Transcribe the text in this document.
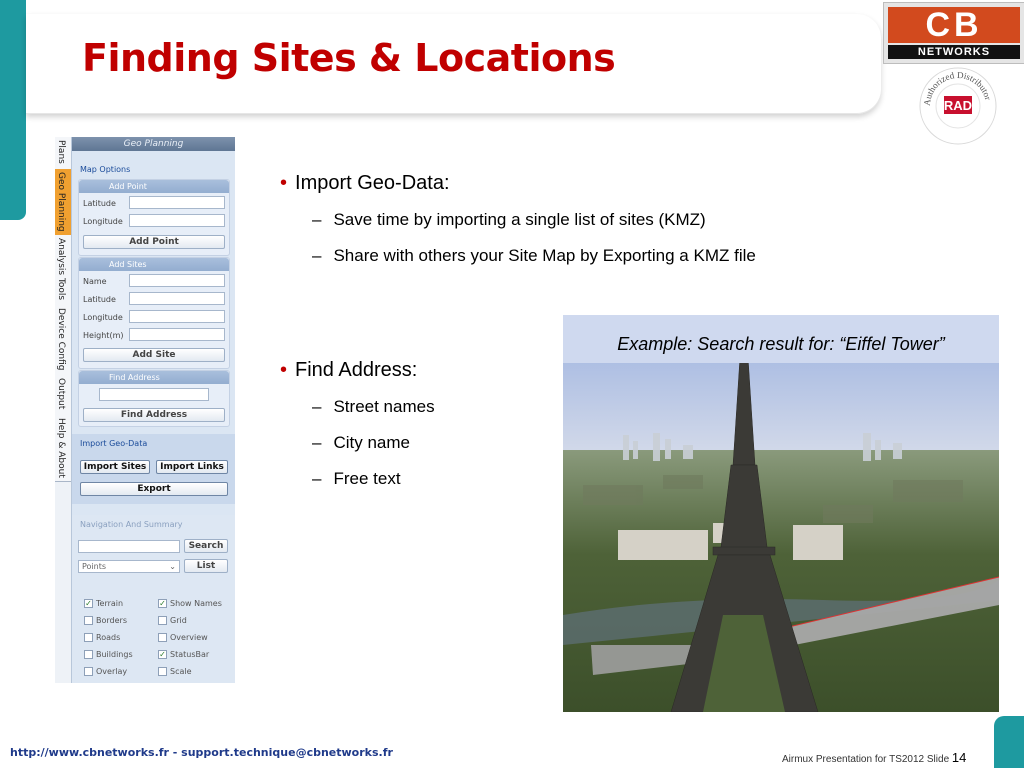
Finding Sites & Locations
CB
NETWORKS
Authorized Distributor
RAD
Plans
Geo Planning
Analysis Tools
Device Config
Output
Help & About
Geo Planning
Map Options
Add Point
Latitude
Longitude
Add Point
Add Sites
Name
Latitude
Longitude
Height(m)
Add Site
Find Address
Find Address
Import Geo-Data
Import Sites	Import Links
Export
Navigation And Summary
Search
Points	⌄	List
✓ Terrain	✓ Show Names
Borders	Grid
Roads	Overview
Buildings	✓ StatusBar
Overlay	Scale
• Import Geo-Data:
– Save time by importing a single list of sites (KMZ)
– Share with others your Site Map by Exporting a KMZ file
• Find Address:
– Street names
– City name
– Free text
Example: Search result for: “Eiffel Tower”
http://www.cbnetworks.fr - support.technique@cbnetworks.fr
Airmux Presentation for TS2012 Slide 14
